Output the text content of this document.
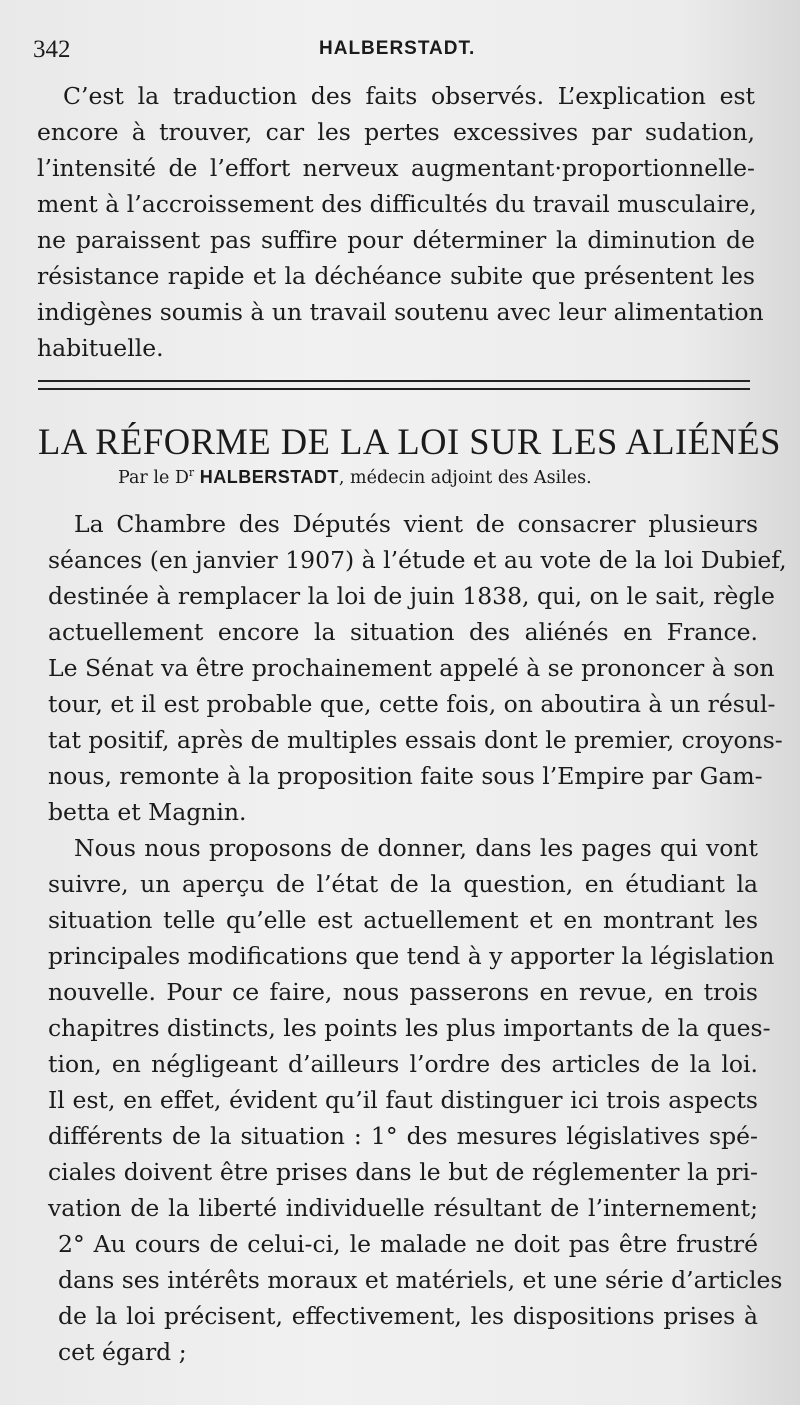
342	HALBERSTADT.
C’est la traduction des faits observés. L’explication est
encore à trouver, car les pertes excessives par sudation,
l’intensité de l’effort nerveux augmentant·proportionnelle-
ment à l’accroissement des difficultés du travail musculaire,
ne paraissent pas suffire pour déterminer la diminution de
résistance rapide et la déchéance subite que présentent les
indigènes soumis à un travail soutenu avec leur alimentation
habituelle.
LA RÉFORME DE LA LOI SUR LES ALIÉNÉS
Par le $D^r$ HALBERSTADT, médecin adjoint des Asiles.
La Chambre des Députés vient de consacrer plusieurs
séances (en janvier 1907) à l’étude et au vote de la loi Dubief,
destinée à remplacer la loi de juin 1838, qui, on le sait, règle
actuellement encore la situation des aliénés en France.
Le Sénat va être prochainement appelé à se prononcer à son
tour, et il est probable que, cette fois, on aboutira à un résul-
tat positif, après de multiples essais dont le premier, croyons-
nous, remonte à la proposition faite sous l’Empire par Gam-
betta et Magnin.
Nous nous proposons de donner, dans les pages qui vont
suivre, un aperçu de l’état de la question, en étudiant la
situation telle qu’elle est actuellement et en montrant les
principales modifications que tend à y apporter la législation
nouvelle. Pour ce faire, nous passerons en revue, en trois
chapitres distincts, les points les plus importants de la ques-
tion, en négligeant d’ailleurs l’ordre des articles de la loi.
Il est, en effet, évident qu’il faut distinguer ici trois aspects
différents de la situation : 1° des mesures législatives spé-
ciales doivent être prises dans le but de réglementer la pri-
vation de la liberté individuelle résultant de l’internement;
2° Au cours de celui-ci, le malade ne doit pas être frustré
dans ses intérêts moraux et matériels, et une série d’articles
de la loi précisent, effectivement, les dispositions prises à
cet égard ;
